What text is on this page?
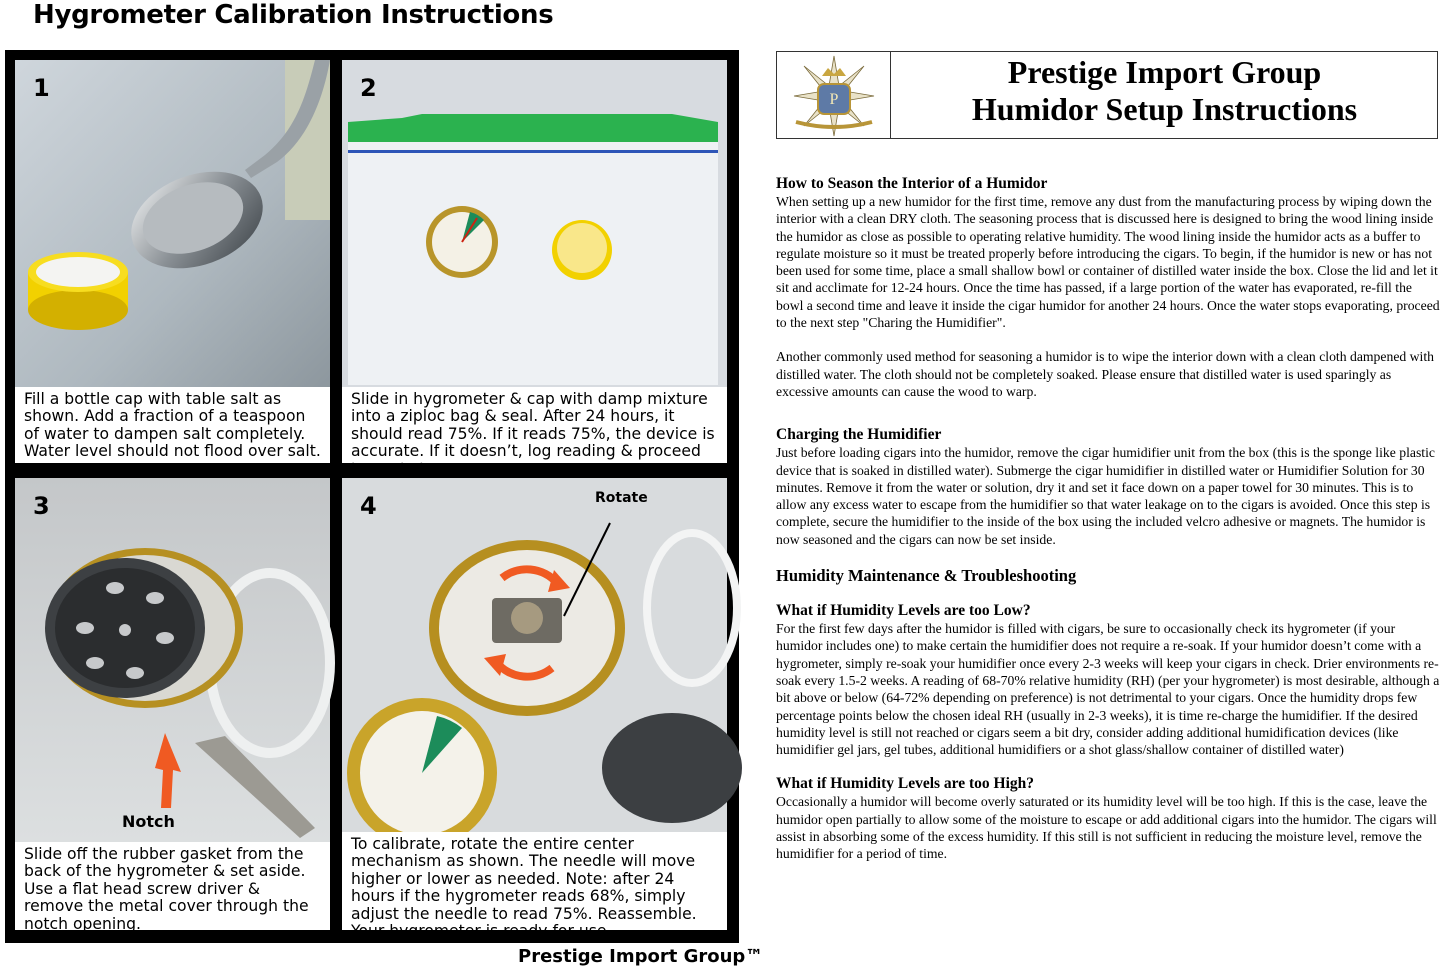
Hygrometer Calibration Instructions
1
Fill a bottle cap with table salt as shown. Add a fraction of a teaspoon of water to dampen salt completely. Water level should not flood over salt.
2
Slide in hygrometer & cap with damp mixture into a ziploc bag & seal. After 24 hours, it should read 75%. If it reads 75%, the device is accurate. If it doesn’t, log reading & proceed to next step.
Notch
3
Slide off the rubber gasket from the back of the hygrometer & set aside. Use a flat head screw driver & remove the metal cover through the notch opening.
Rotate
4
To calibrate, rotate the entire center mechanism as shown. The needle will move higher or lower as needed. Note: after 24 hours if the hygrometer reads 68%, simply adjust the needle to read 75%. Reassemble. Your hygrometer is ready for use.
Prestige Import Group™
P
Prestige Import Group
Humidor Setup Instructions
How to Season the Interior of a Humidor

When setting up a new humidor for the first time, remove any dust from the manufacturing process by wiping down the interior with a clean DRY cloth. The seasoning process that is discussed here is designed to bring the wood lining inside the humidor as close as possible to operating relative humidity. The wood lining inside the humidor acts as a buffer to regulate moisture so it must be treated properly before introducing the cigars. To begin, if the humidor is new or has not been used for some time, place a small shallow bowl or container of distilled water inside the box. Close the lid and let it sit and acclimate for 12-24 hours. Once the time has passed, if a large portion of the water has evaporated, re-fill the bowl a second time and leave it inside the cigar humidor for another 24 hours. Once the water stops evaporating, proceed to the next step "Charing the Humidifier".

Another commonly used method for seasoning a humidor is to wipe the interior down with a clean cloth dampened with distilled water. The cloth should not be completely soaked. Please ensure that distilled water is used sparingly as excessive amounts can cause the wood to warp.

Charging the Humidifier

Just before loading cigars into the humidor, remove the cigar humidifier unit from the box (this is the sponge like plastic device that is soaked in distilled water). Submerge the cigar humidifier in distilled water or Humidifier Solution for 30 minutes. Remove it from the water or solution, dry it and set it face down on a paper towel for 30 minutes. This is to allow any excess water to escape from the humidifier so that water leakage on to the cigars is avoided. Once this step is complete, secure the humidifier to the inside of the box using the included velcro adhesive or magnets. The humidor is now seasoned and the cigars can now be set inside.

Humidity Maintenance & Troubleshooting
What if Humidity Levels are too Low?

For the first few days after the humidor is filled with cigars, be sure to occasionally check its hygrometer (if your humidor includes one) to make certain the humidifier does not require a re-soak. If your humidor doesn’t come with a hygrometer, simply re-soak your humidifier once every 2-3 weeks will keep your cigars in check. Drier environments re-soak every 1.5-2 weeks. A reading of 68-70% relative humidity (RH) (per your hygrometer) is most desirable, although a bit above or below (64-72% depending on preference) is not detrimental to your cigars. Once the humidity drops few percentage points below the chosen ideal RH (usually in 2-3 weeks), it is time re-charge the humidifier. If the desired humidity level is still not reached or cigars seem a bit dry, consider adding additional humidification devices (like humidifier gel jars, gel tubes, additional humidifiers or a shot glass/shallow container of distilled water)

What if Humidity Levels are too High?

Occasionally a humidor will become overly saturated or its humidity level will be too high. If this is the case, leave the humidor open partially to allow some of the moisture to escape or add additional cigars into the humidor. The cigars will assist in absorbing some of the excess humidity. If this still is not sufficient in reducing the moisture level, remove the humidifier for a period of time.
